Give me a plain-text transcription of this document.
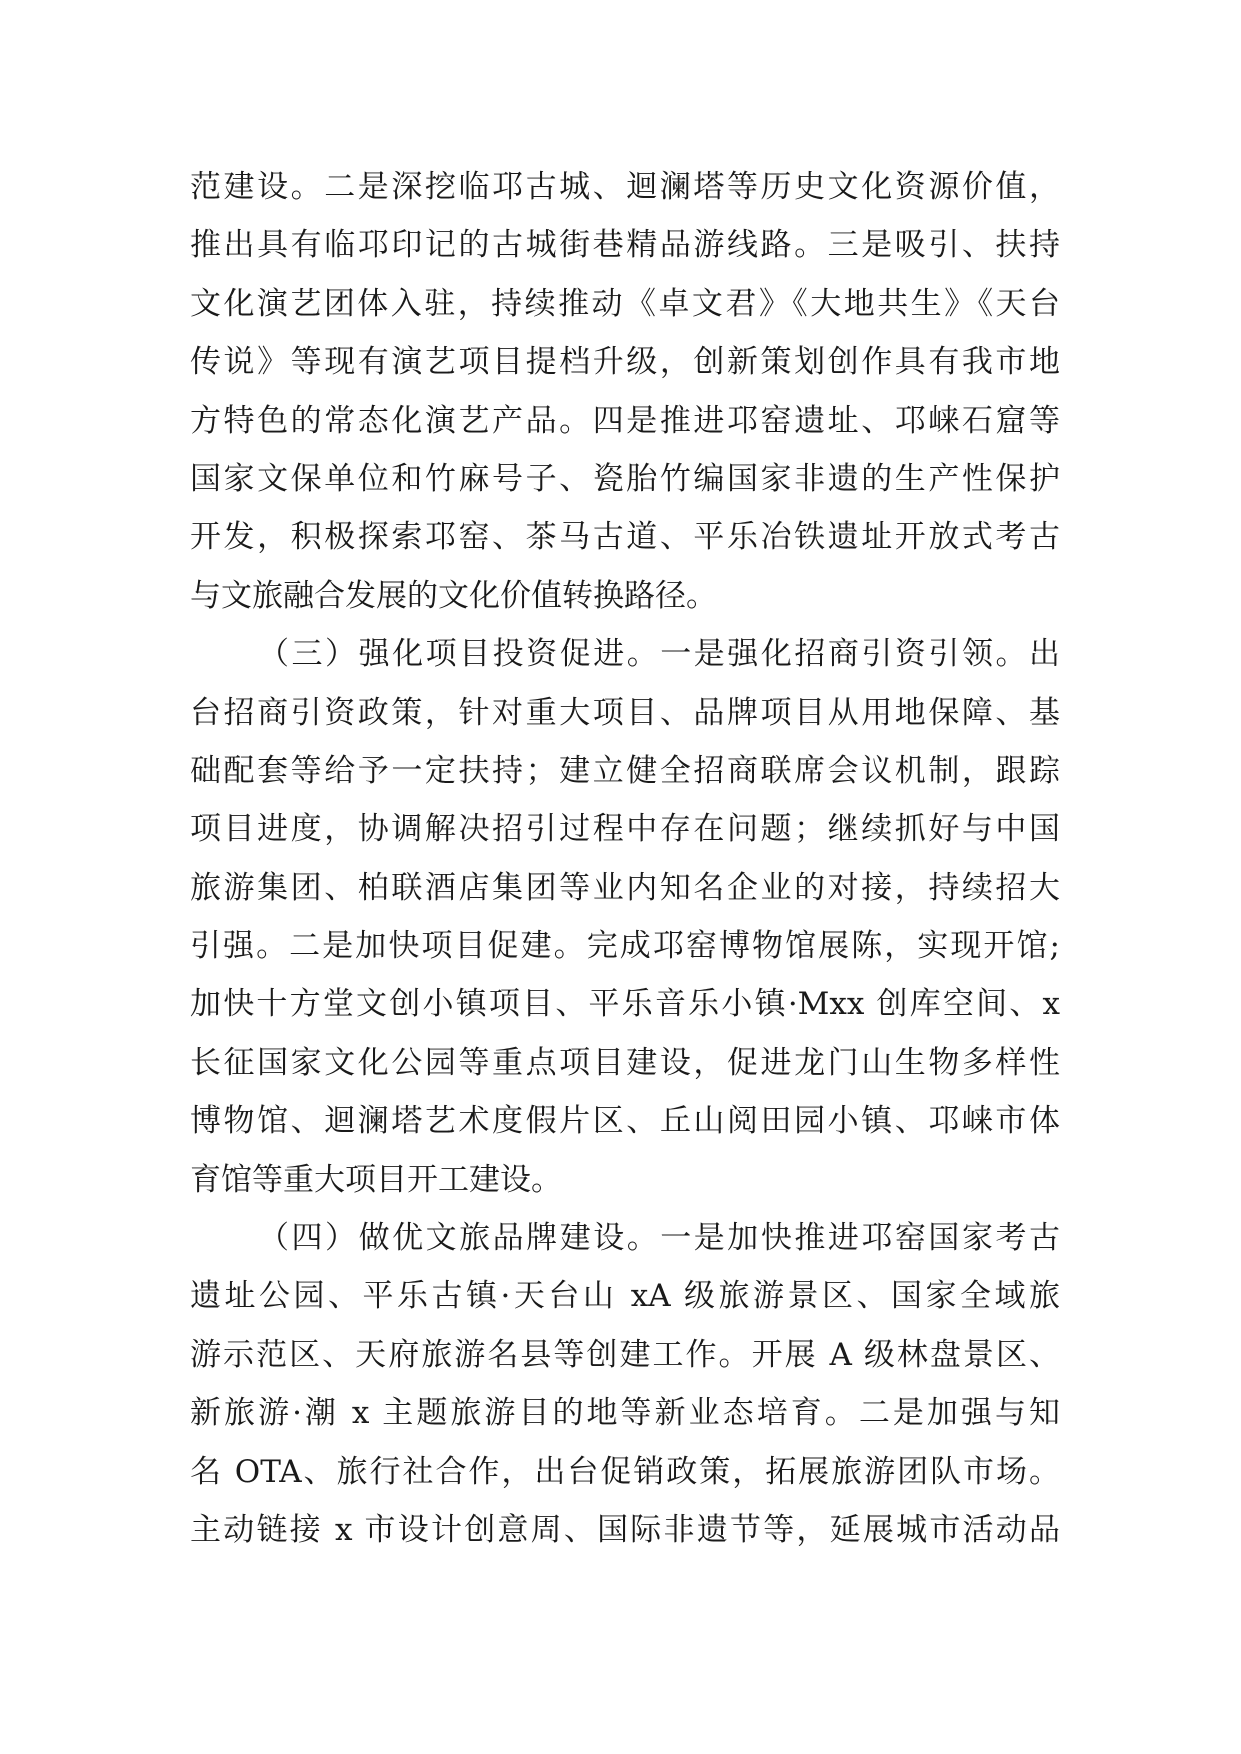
范建设。二是深挖临邛古城、迴澜塔等历史文化资源价值，
推出具有临邛印记的古城街巷精品游线路。三是吸引、扶持
文化演艺团体入驻，持续推动《卓文君》《大地共生》《天台
传说》等现有演艺项目提档升级，创新策划创作具有我市地
方特色的常态化演艺产品。四是推进邛窑遗址、邛崃石窟等
国家文保单位和竹麻号子、瓷胎竹编国家非遗的生产性保护
开发，积极探索邛窑、茶马古道、平乐冶铁遗址开放式考古
与文旅融合发展的文化价值转换路径。
（三）强化项目投资促进。一是强化招商引资引领。出
台招商引资政策，针对重大项目、品牌项目从用地保障、基
础配套等给予一定扶持；建立健全招商联席会议机制，跟踪
项目进度，协调解决招引过程中存在问题；继续抓好与中国
旅游集团、柏联酒店集团等业内知名企业的对接，持续招大
引强。二是加快项目促建。完成邛窑博物馆展陈，实现开馆;
加快十方堂文创小镇项目、平乐音乐小镇·Mxx 创库空间、x
长征国家文化公园等重点项目建设，促进龙门山生物多样性
博物馆、迴澜塔艺术度假片区、丘山阅田园小镇、邛崃市体
育馆等重大项目开工建设。
（四）做优文旅品牌建设。一是加快推进邛窑国家考古
遗址公园、平乐古镇·天台山 xA 级旅游景区、国家全域旅
游示范区、天府旅游名县等创建工作。开展 A 级林盘景区、
新旅游·潮 x 主题旅游目的地等新业态培育。二是加强与知
名 OTA、旅行社合作，出台促销政策，拓展旅游团队市场。
主动链接 x 市设计创意周、国际非遗节等，延展城市活动品
